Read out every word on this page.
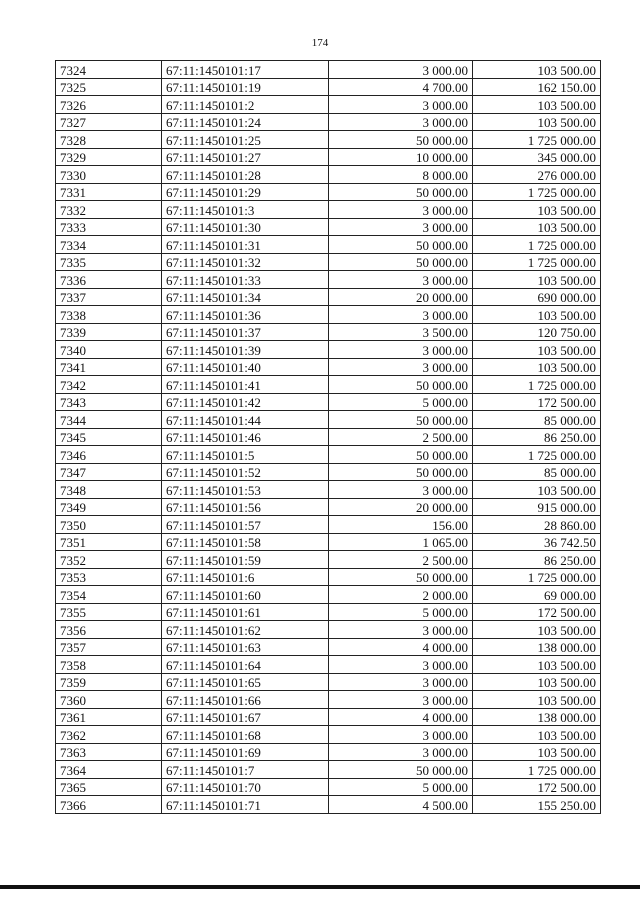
174
7324	67:11:1450101:17	3 000.00	103 500.00
7325	67:11:1450101:19	4 700.00	162 150.00
7326	67:11:1450101:2	3 000.00	103 500.00
7327	67:11:1450101:24	3 000.00	103 500.00
7328	67:11:1450101:25	50 000.00	1 725 000.00
7329	67:11:1450101:27	10 000.00	345 000.00
7330	67:11:1450101:28	8 000.00	276 000.00
7331	67:11:1450101:29	50 000.00	1 725 000.00
7332	67:11:1450101:3	3 000.00	103 500.00
7333	67:11:1450101:30	3 000.00	103 500.00
7334	67:11:1450101:31	50 000.00	1 725 000.00
7335	67:11:1450101:32	50 000.00	1 725 000.00
7336	67:11:1450101:33	3 000.00	103 500.00
7337	67:11:1450101:34	20 000.00	690 000.00
7338	67:11:1450101:36	3 000.00	103 500.00
7339	67:11:1450101:37	3 500.00	120 750.00
7340	67:11:1450101:39	3 000.00	103 500.00
7341	67:11:1450101:40	3 000.00	103 500.00
7342	67:11:1450101:41	50 000.00	1 725 000.00
7343	67:11:1450101:42	5 000.00	172 500.00
7344	67:11:1450101:44	50 000.00	85 000.00
7345	67:11:1450101:46	2 500.00	86 250.00
7346	67:11:1450101:5	50 000.00	1 725 000.00
7347	67:11:1450101:52	50 000.00	85 000.00
7348	67:11:1450101:53	3 000.00	103 500.00
7349	67:11:1450101:56	20 000.00	915 000.00
7350	67:11:1450101:57	156.00	28 860.00
7351	67:11:1450101:58	1 065.00	36 742.50
7352	67:11:1450101:59	2 500.00	86 250.00
7353	67:11:1450101:6	50 000.00	1 725 000.00
7354	67:11:1450101:60	2 000.00	69 000.00
7355	67:11:1450101:61	5 000.00	172 500.00
7356	67:11:1450101:62	3 000.00	103 500.00
7357	67:11:1450101:63	4 000.00	138 000.00
7358	67:11:1450101:64	3 000.00	103 500.00
7359	67:11:1450101:65	3 000.00	103 500.00
7360	67:11:1450101:66	3 000.00	103 500.00
7361	67:11:1450101:67	4 000.00	138 000.00
7362	67:11:1450101:68	3 000.00	103 500.00
7363	67:11:1450101:69	3 000.00	103 500.00
7364	67:11:1450101:7	50 000.00	1 725 000.00
7365	67:11:1450101:70	5 000.00	172 500.00
7366	67:11:1450101:71	4 500.00	155 250.00
